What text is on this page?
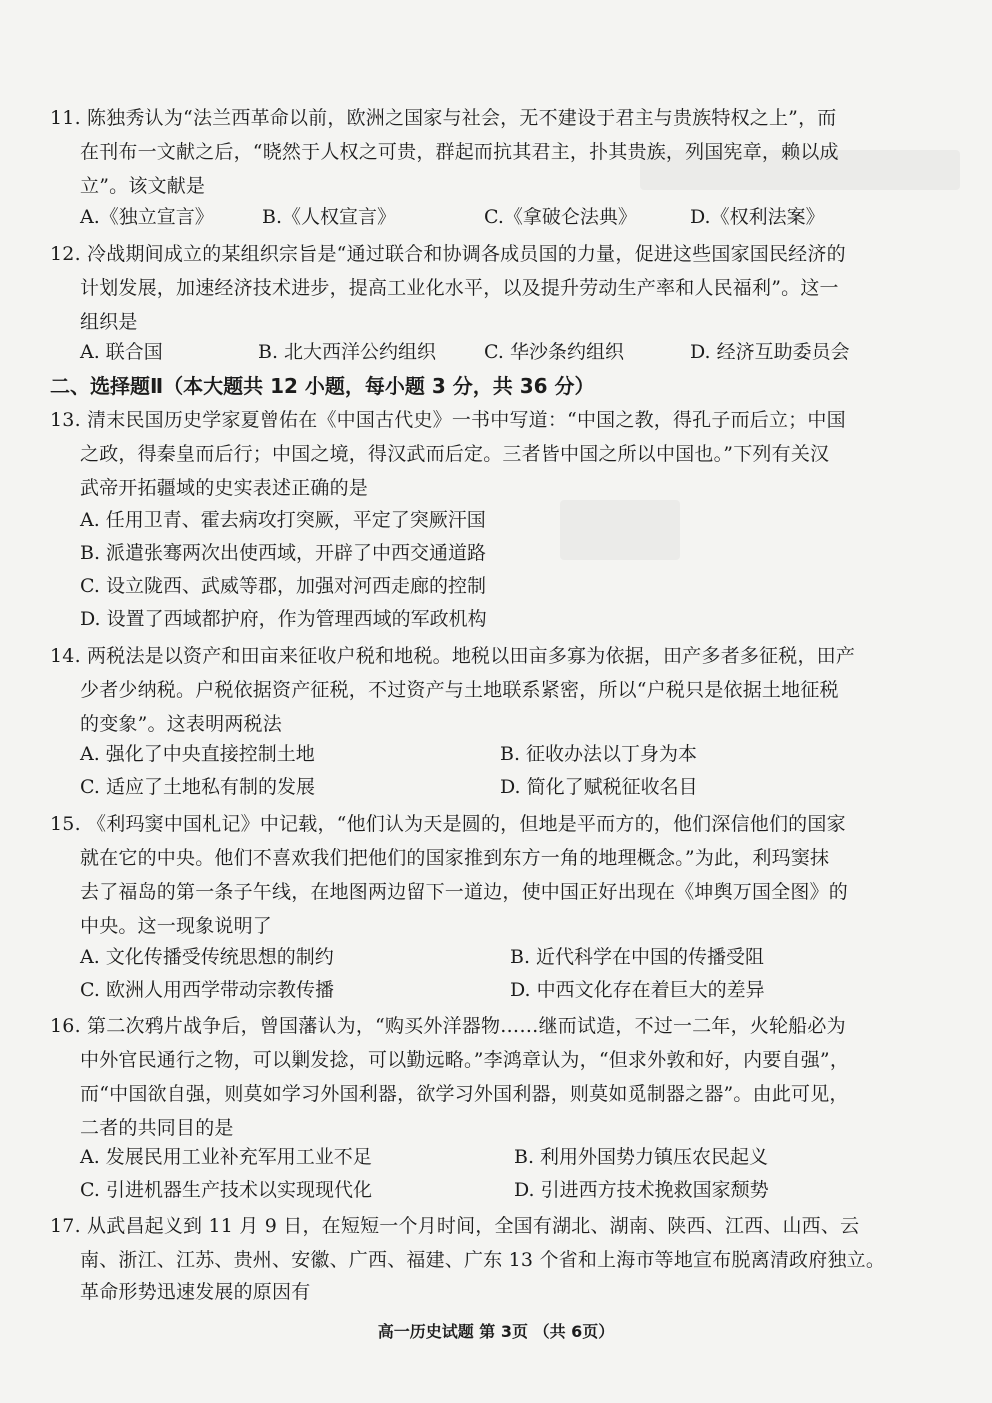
11. 陈独秀认为“法兰西革命以前，欧洲之国家与社会，无不建设于君主与贵族特权之上”，而
在刊布一文献之后，“晓然于人权之可贵，群起而抗其君主，扑其贵族，列国宪章，赖以成
立”。该文献是
A.《独立宣言》	B.《人权宣言》	C.《拿破仑法典》	D.《权利法案》
12. 冷战期间成立的某组织宗旨是“通过联合和协调各成员国的力量，促进这些国家国民经济的
计划发展，加速经济技术进步，提高工业化水平，以及提升劳动生产率和人民福利”。这一
组织是
A. 联合国	B. 北大西洋公约组织	C. 华沙条约组织	D. 经济互助委员会
二、选择题Ⅱ（本大题共 12 小题，每小题 3 分，共 36 分）
13. 清末民国历史学家夏曾佑在《中国古代史》一书中写道：“中国之教，得孔子而后立；中国
之政，得秦皇而后行；中国之境，得汉武而后定。三者皆中国之所以中国也。”下列有关汉
武帝开拓疆域的史实表述正确的是
A. 任用卫青、霍去病攻打突厥，平定了突厥汗国
B. 派遣张骞两次出使西域，开辟了中西交通道路
C. 设立陇西、武威等郡，加强对河西走廊的控制
D. 设置了西域都护府，作为管理西域的军政机构
14. 两税法是以资产和田亩来征收户税和地税。地税以田亩多寡为依据，田产多者多征税，田产
少者少纳税。户税依据资产征税，不过资产与土地联系紧密，所以“户税只是依据土地征税
的变象”。这表明两税法
A. 强化了中央直接控制土地	B. 征收办法以丁身为本
C. 适应了土地私有制的发展	D. 简化了赋税征收名目
15. 《利玛窦中国札记》中记载，“他们认为天是圆的，但地是平而方的，他们深信他们的国家
就在它的中央。他们不喜欢我们把他们的国家推到东方一角的地理概念。”为此，利玛窦抹
去了福岛的第一条子午线，在地图两边留下一道边，使中国正好出现在《坤舆万国全图》的
中央。这一现象说明了
A. 文化传播受传统思想的制约	B. 近代科学在中国的传播受阻
C. 欧洲人用西学带动宗教传播	D. 中西文化存在着巨大的差异
16. 第二次鸦片战争后，曾国藩认为，“购买外洋器物……继而试造，不过一二年，火轮船必为
中外官民通行之物，可以剿发捻，可以勤远略。”李鸿章认为，“但求外敦和好，内要自强”，
而“中国欲自强，则莫如学习外国利器，欲学习外国利器，则莫如觅制器之器”。由此可见，
二者的共同目的是
A. 发展民用工业补充军用工业不足	B. 利用外国势力镇压农民起义
C. 引进机器生产技术以实现现代化	D. 引进西方技术挽救国家颓势
17. 从武昌起义到 11 月 9 日，在短短一个月时间，全国有湖北、湖南、陕西、江西、山西、云
南、浙江、江苏、贵州、安徽、广西、福建、广东 13 个省和上海市等地宣布脱离清政府独立。
革命形势迅速发展的原因有
高一历史试题 第 3页 （共 6页）
